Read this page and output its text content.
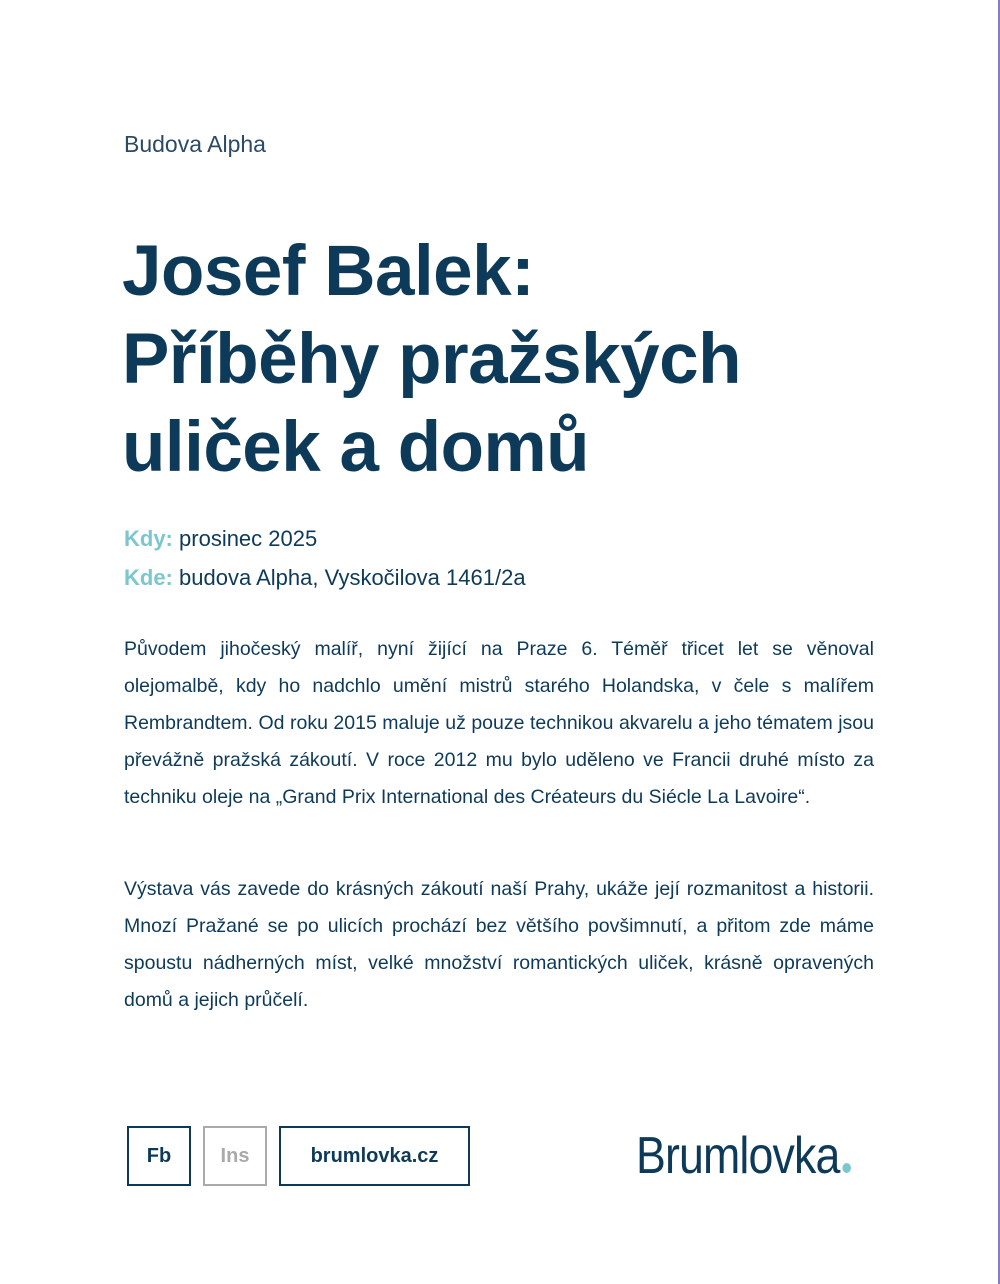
Budova Alpha
Josef Balek:
Příběhy pražských
uliček a domů
Kdy: prosinec 2025
Kde: budova Alpha, Vyskočilova 1461/2a

Původem jihočeský malíř, nyní žijící na Praze 6. Téměř třicet let se věnoval olejomalbě, kdy ho nadchlo umění mistrů starého Holandska, v čele s malířem Rembrandtem. Od roku 2015 maluje už pouze technikou akvarelu a jeho tématem jsou převážně pražská zákoutí. V roce 2012 mu bylo uděleno ve Francii druhé místo za techniku oleje na „Grand Prix International des Créateurs du Siécle La Lavoire“.

Výstava vás zavede do krásných zákoutí naší Prahy, ukáže její rozmanitost a historii. Mnozí Pražané se po ulicích prochází bez většího povšimnutí, a přitom zde máme spoustu nádherných míst, velké množství romantických uliček, krásně opravených domů a jejich průčelí.

Fb	Ins	brumlovka.cz	Brumlovka
